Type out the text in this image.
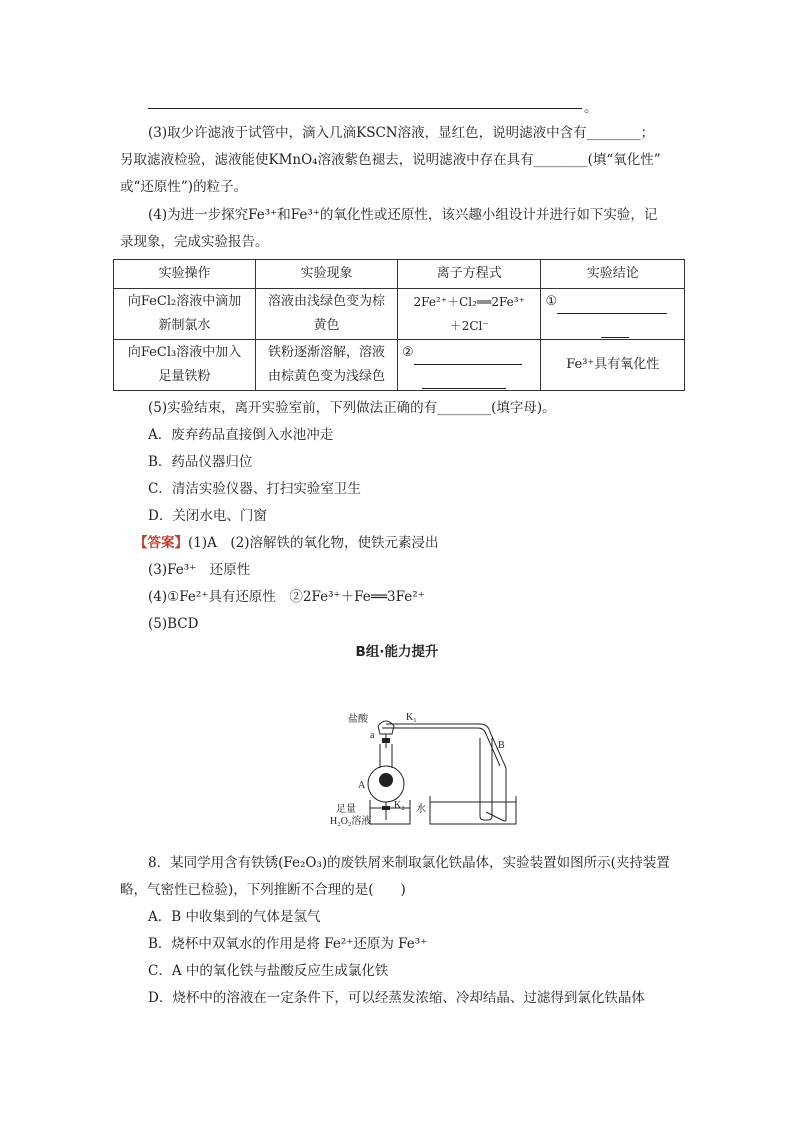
。
(3)取少许滤液于试管中，滴入几滴KSCN溶液，显红色，说明滤液中含有________；
另取滤液检验，滤液能使KMnO₄溶液紫色褪去，说明滤液中存在具有________(填“氧化性”
或“还原性”)的粒子。
(4)为进一步探究Fe³⁺和Fe³⁺的氧化性或还原性，该兴趣小组设计并进行如下实验，记
录现象，完成实验报告。
实验操作	实验现象	离子方程式	实验结论
向FeCl₂溶液中滴加
新制氯水	溶液由浅绿色变为棕
黄色	2Fe²⁺＋Cl₂══2Fe³⁺
＋2Cl⁻	①

向FeCl₃溶液中加入
足量铁粉	铁粉逐渐溶解，溶液
由棕黄色变为浅绿色	②	Fe³⁺具有氧化性
(5)实验结束，离开实验室前，下列做法正确的有________(填字母)。
A．废弃药品直接倒入水池冲走
B．药品仪器归位
C．清洁实验仪器、打扫实验室卫生
D．关闭水电、门窗
【答案】(1)A　(2)溶解铁的氧化物，使铁元素浸出
(3)Fe³⁺　还原性
(4)①Fe²⁺具有还原性　②2Fe³⁺＋Fe══3Fe²⁺
(5)BCD
B组·能力提升
盐酸	K₁
a
A
K₂
B
水
足量
H₂O₂溶液
8．某同学用含有铁锈(Fe₂O₃)的废铁屑来制取氯化铁晶体，实验装置如图所示(夹持装置
略，气密性已检验)，下列推断不合理的是(　　)
A．B 中收集到的气体是氢气
B．烧杯中双氧水的作用是将 Fe²⁺还原为 Fe³⁺
C．A 中的氧化铁与盐酸反应生成氯化铁
D．烧杯中的溶液在一定条件下，可以经蒸发浓缩、冷却结晶、过滤得到氯化铁晶体
